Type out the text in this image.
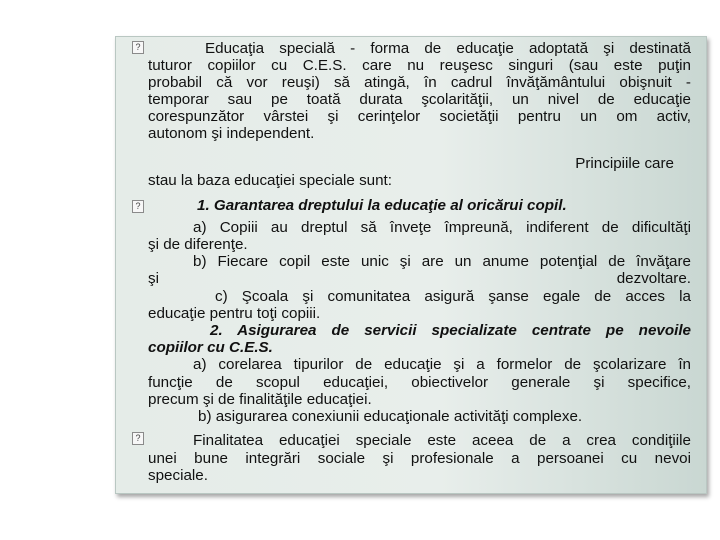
?
?
?
Educaţia specială - forma de educaţie adoptată şi destinată
tuturor copiilor cu C.E.S. care nu reuşesc singuri (sau este puţin
probabil că vor reuşi) să atingă, în cadrul învăţământului obişnuit -
temporar sau pe toată durata şcolarităţii, un nivel de educaţie
corespunzător vârstei şi cerinţelor societăţii pentru un om activ,
autonom şi independent.
Principiile care
stau la baza educaţiei speciale sunt:
1. Garantarea dreptului la educaţie al oricărui copil.
a) Copiii au dreptul să înveţe împreună, indiferent de dificultăţi
şi de diferenţe.
b) Fiecare copil este unic şi are un anume potenţial de învăţare
şi	dezvoltare.
c) Şcoala şi comunitatea asigură şanse egale de acces la
educaţie pentru toţi copiii.
2. Asigurarea de servicii specializate centrate pe nevoile
copiilor cu C.E.S.
a) corelarea tipurilor de educaţie şi a formelor de şcolarizare în
funcţie de scopul educaţiei, obiectivelor generale şi specifice,
precum şi de finalităţile educaţiei.
b) asigurarea conexiunii educaţionale activităţi complexe.
Finalitatea educaţiei speciale este aceea de a crea condiţiile
unei bune integrări sociale şi profesionale a persoanei cu nevoi
speciale.
